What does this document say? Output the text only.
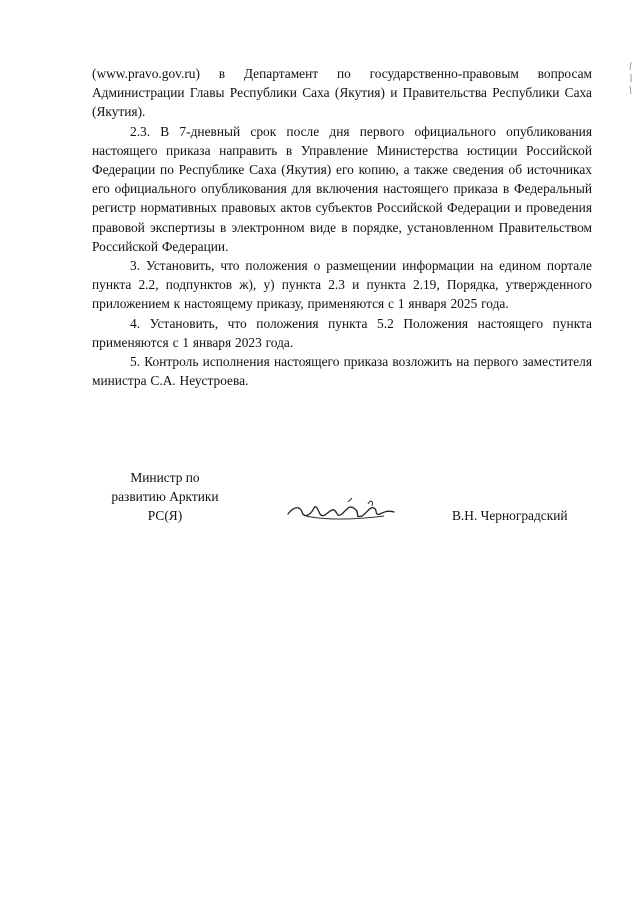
(www.pravo.gov.ru) в Департамент по государственно-правовым вопросам Администрации Главы Республики Саха (Якутия) и Правительства Республики Саха (Якутия).

2.3. В 7-дневный срок после дня первого официального опубликования настоящего приказа направить в Управление Министерства юстиции Российской Федерации по Республике Саха (Якутия) его копию, а также сведения об источниках его официального опубликования для включения настоящего приказа в Федеральный регистр нормативных правовых актов субъектов Российской Федерации и проведения правовой экспертизы в электронном виде в порядке, установленном Правительством Российской Федерации.

3. Установить, что положения о размещении информации на едином портале пункта 2.2, подпунктов ж), у) пункта 2.3 и пункта 2.19, Порядка, утвержденного приложением к настоящему приказу, применяются с 1 января 2025 года.

4. Установить, что положения пункта 5.2 Положения настоящего пункта применяются с 1 января 2023 года.

5. Контроль исполнения настоящего приказа возложить на первого заместителя министра С.А. Неустроева.

Министр по
развитию Арктики
РС(Я)	В.Н. Черноградский
